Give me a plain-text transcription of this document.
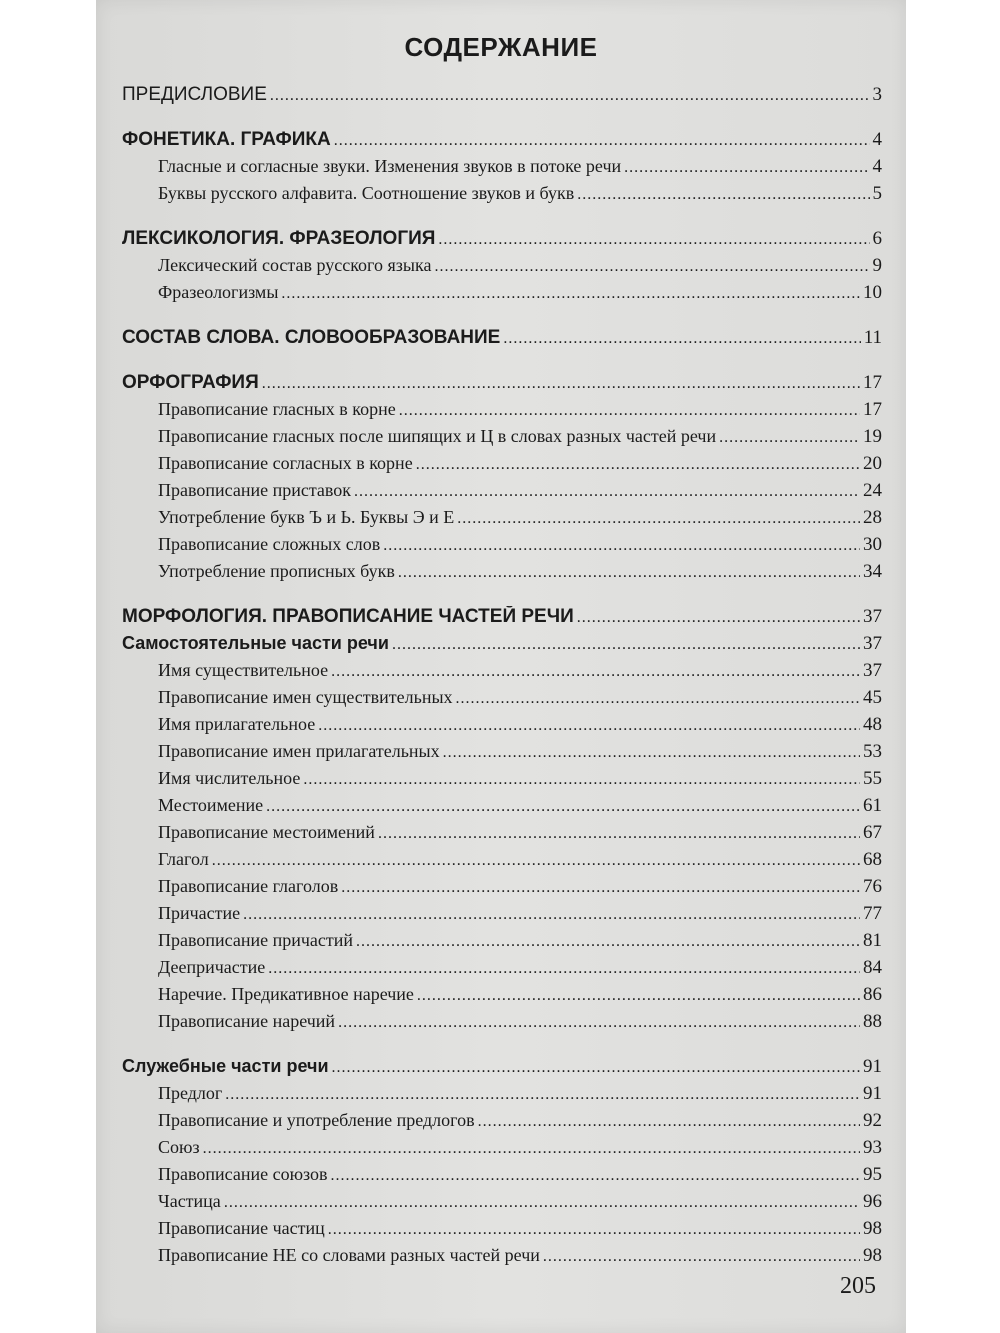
СОДЕРЖАНИЕ
ПРЕДИСЛОВИЕ .....	3
ФОНЕТИКА. ГРАФИКА .....	4
Гласные и согласные звуки. Изменения звуков в потоке речи .....	4
Буквы русского алфавита. Соотношение звуков и букв .....	5
ЛЕКСИКОЛОГИЯ. ФРАЗЕОЛОГИЯ .....	6
Лексический состав русского языка .....	9
Фразеологизмы .....	10
СОСТАВ СЛОВА. СЛОВООБРАЗОВАНИЕ .....	11
ОРФОГРАФИЯ .....	17
Правописание гласных в корне .....	17
Правописание гласных после шипящих и Ц в словах разных частей речи .....	19
Правописание согласных в корне .....	20
Правописание приставок .....	24
Употребление букв Ъ и Ь. Буквы Э и Е .....	28
Правописание сложных слов .....	30
Употребление прописных букв .....	34
МОРФОЛОГИЯ. ПРАВОПИСАНИЕ ЧАСТЕЙ РЕЧИ .....	37
Самостоятельные части речи .....	37
Имя существительное .....	37
Правописание имен существительных .....	45
Имя прилагательное .....	48
Правописание имен прилагательных .....	53
Имя числительное .....	55
Местоимение .....	61
Правописание местоимений .....	67
Глагол .....	68
Правописание глаголов .....	76
Причастие .....	77
Правописание причастий .....	81
Деепричастие .....	84
Наречие. Предикативное наречие .....	86
Правописание наречий .....	88
Служебные части речи .....	91
Предлог .....	91
Правописание и употребление предлогов .....	92
Союз .....	93
Правописание союзов .....	95
Частица .....	96
Правописание частиц .....	98
Правописание НЕ со словами разных частей речи .....	98
205
